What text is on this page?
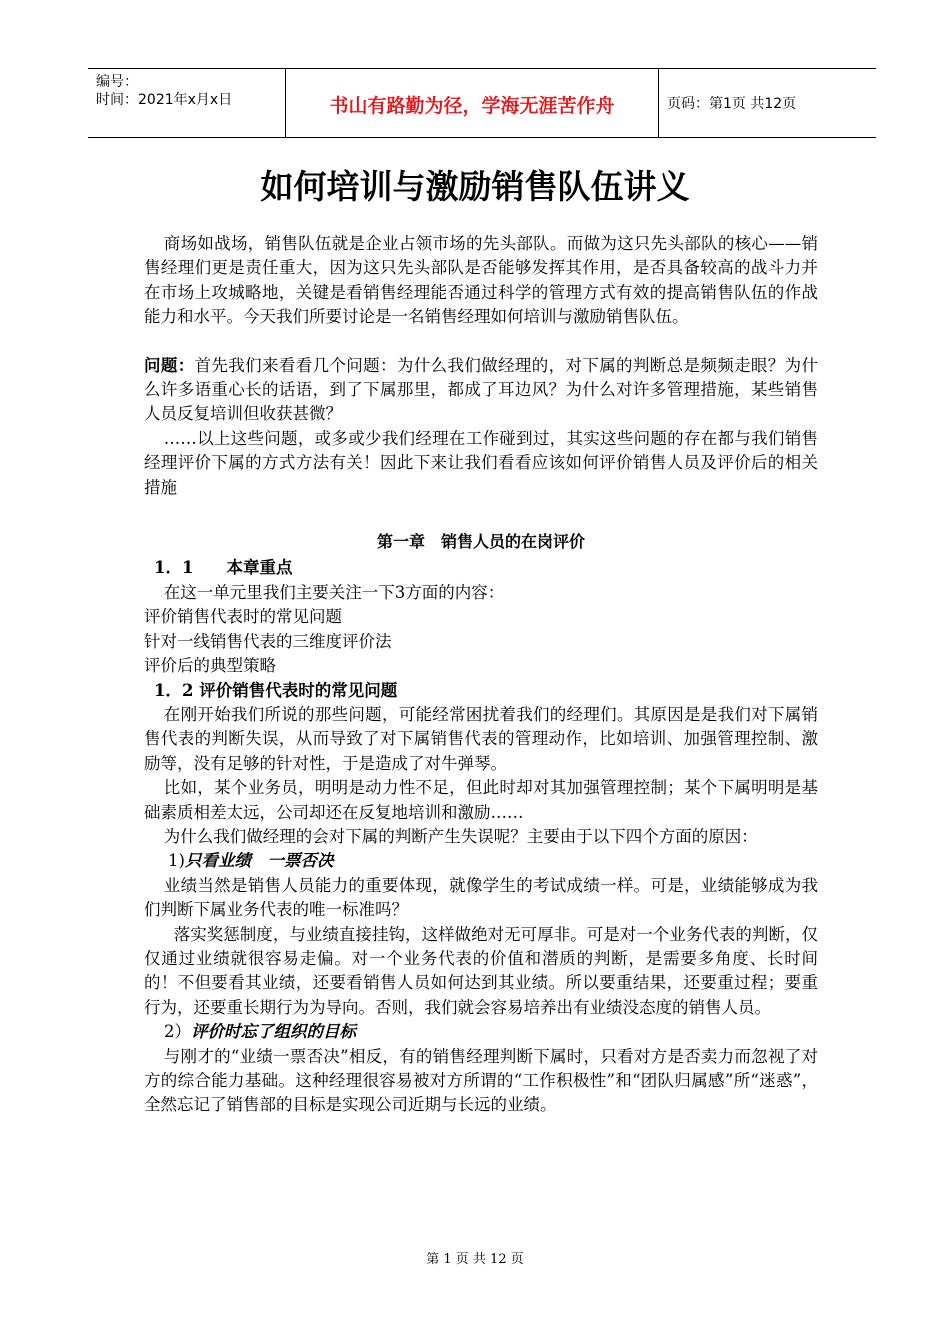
编号：
时间：2021年x月x日	书山有路勤为径，学海无涯苦作舟	页码：第1页 共12页
如何培训与激励销售队伍讲义

商场如战场，销售队伍就是企业占领市场的先头部队。而做为这只先头部队的核心——销售经理们更是责任重大，因为这只先头部队是否能够发挥其作用，是否具备较高的战斗力并在市场上攻城略地，关键是看销售经理能否通过科学的管理方式有效的提高销售队伍的作战能力和水平。今天我们所要讨论是一名销售经理如何培训与激励销售队伍。

问题：首先我们来看看几个问题：为什么我们做经理的，对下属的判断总是频频走眼？为什么许多语重心长的话语，到了下属那里，都成了耳边风？为什么对许多管理措施，某些销售人员反复培训但收获甚微？

……以上这些问题，或多或少我们经理在工作碰到过，其实这些问题的存在都与我们销售经理评价下属的方式方法有关！因此下来让我们看看应该如何评价销售人员及评价后的相关措施

第一章　销售人员的在岗评价

1．1　　本章重点

在这一单元里我们主要关注一下3方面的内容：

评价销售代表时的常见问题

针对一线销售代表的三维度评价法

评价后的典型策略

1．2 评价销售代表时的常见问题

在刚开始我们所说的那些问题，可能经常困扰着我们的经理们。其原因是是我们对下属销售代表的判断失误，从而导致了对下属销售代表的管理动作，比如培训、加强管理控制、激励等，没有足够的针对性，于是造成了对牛弹琴。

比如，某个业务员，明明是动力性不足，但此时却对其加强管理控制；某个下属明明是基础素质相差太远，公司却还在反复地培训和激励……

为什么我们做经理的会对下属的判断产生失误呢？主要由于以下四个方面的原因：

1)只看业绩　一票否决

业绩当然是销售人员能力的重要体现，就像学生的考试成绩一样。可是，业绩能够成为我们判断下属业务代表的唯一标准吗？

落实奖惩制度，与业绩直接挂钩，这样做绝对无可厚非。可是对一个业务代表的判断，仅仅通过业绩就很容易走偏。对一个业务代表的价值和潜质的判断，是需要多角度、长时间的！不但要看其业绩，还要看销售人员如何达到其业绩。所以要重结果，还要重过程；要重行为，还要重长期行为为导向。否则，我们就会容易培养出有业绩没态度的销售人员。

2）评价时忘了组织的目标

与刚才的“业绩一票否决”相反，有的销售经理判断下属时，只看对方是否卖力而忽视了对方的综合能力基础。这种经理很容易被对方所谓的“工作积极性”和“团队归属感”所“迷惑”，全然忘记了销售部的目标是实现公司近期与长远的业绩。

第 1 页 共 12 页
